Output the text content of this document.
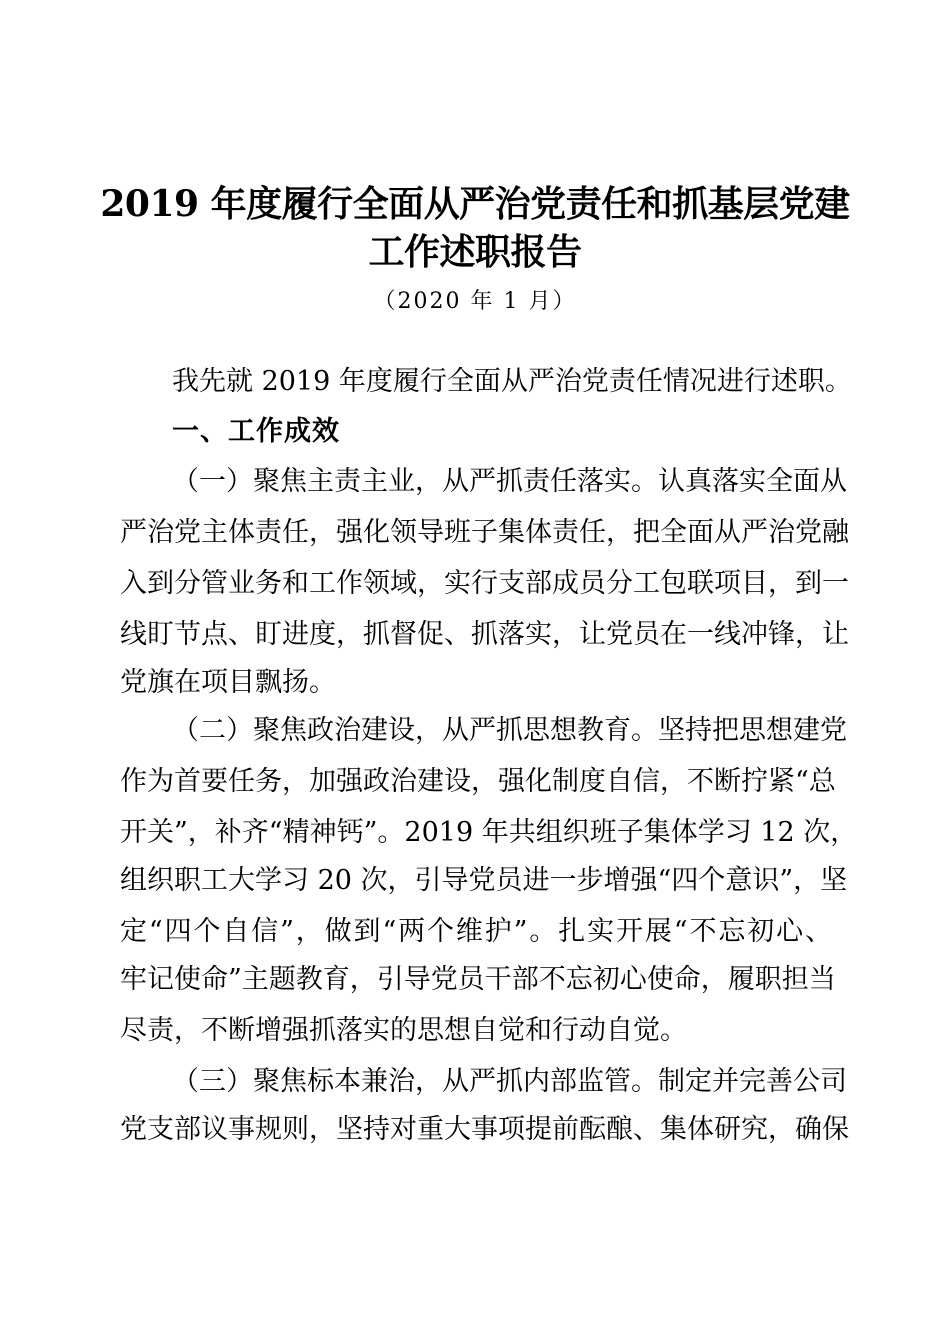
2019 年度履行全面从严治党责任和抓基层党建
工作述职报告
（2020 年 1 月）
我先就 2019 年度履行全面从严治党责任情况进行述职。
一、工作成效
（一）聚焦主责主业，从严抓责任落实。认真落实全面从
严治党主体责任，强化领导班子集体责任，把全面从严治党融
入到分管业务和工作领域，实行支部成员分工包联项目，到一
线盯节点、盯进度，抓督促、抓落实，让党员在一线冲锋，让
党旗在项目飘扬。
（二）聚焦政治建设，从严抓思想教育。坚持把思想建党
作为首要任务，加强政治建设，强化制度自信，不断拧紧“总
开关”，补齐“精神钙”。2019 年共组织班子集体学习 12 次，
组织职工大学习 20 次，引导党员进一步增强“四个意识”，坚
定“四个自信”，做到“两个维护”。扎实开展“不忘初心、
牢记使命”主题教育，引导党员干部不忘初心使命，履职担当
尽责，不断增强抓落实的思想自觉和行动自觉。
（三）聚焦标本兼治，从严抓内部监管。制定并完善公司
党支部议事规则，坚持对重大事项提前酝酿、集体研究，确保
